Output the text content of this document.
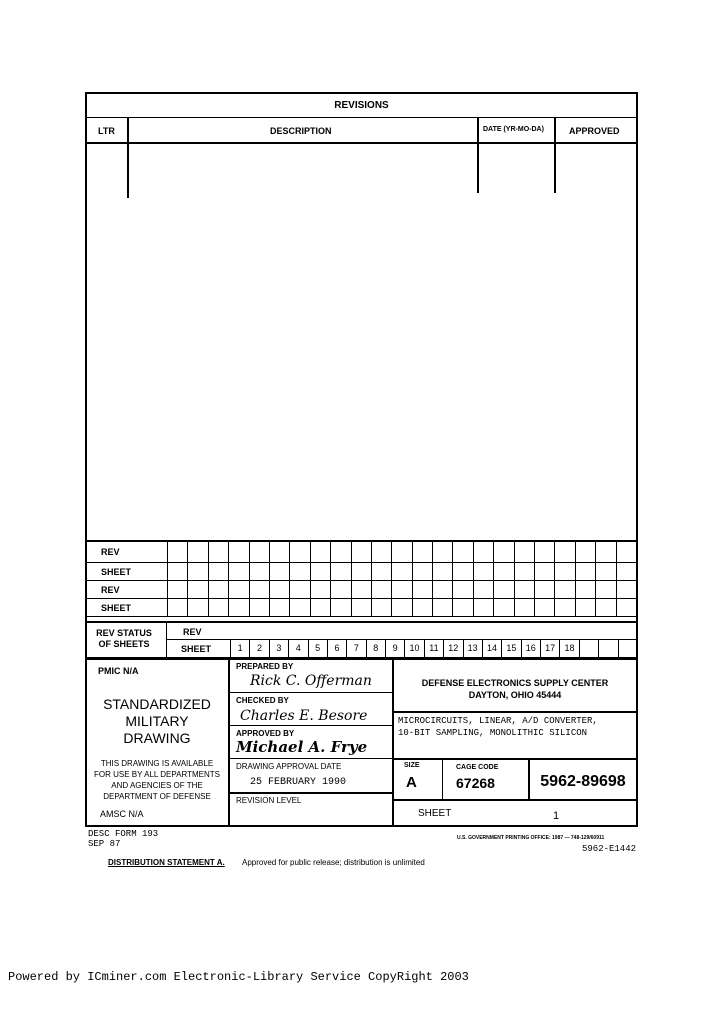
REVISIONS
LTR	DESCRIPTION	DATE (YR-MO-DA)	APPROVED
REV																							
SHEET																							
REV																							
SHEET																							
REV STATUS OF SHEETS
REV
SHEET	1	2	3	4	5	6	7	8	9	10	11	12	13	14	15	16	17	18
PMIC N/A
STANDARDIZED
MILITARY
DRAWING
THIS DRAWING IS AVAILABLE
FOR USE BY ALL DEPARTMENTS
AND AGENCIES OF THE
DEPARTMENT OF DEFENSE
AMSC N/A
PREPARED BY
Rick C. Offerman
CHECKED BY
Charles E. Besore
APPROVED BY
Michael A. Frye
DRAWING APPROVAL DATE
25 FEBRUARY 1990
REVISION LEVEL
DEFENSE ELECTRONICS SUPPLY CENTER
DAYTON, OHIO 45444
MICROCIRCUITS, LINEAR, A/D CONVERTER,
10-BIT SAMPLING, MONOLITHIC SILICON
SIZE
A
CAGE CODE
67268	5962-89698
SHEET	1
DESC FORM 193
SEP 87
U.S. GOVERNMENT PRINTING OFFICE: 1987 — 748-129/60911
5962-E1442
DISTRIBUTION STATEMENT A. Approved for public release; distribution is unlimited
Powered by ICminer.com Electronic-Library Service CopyRight 2003
